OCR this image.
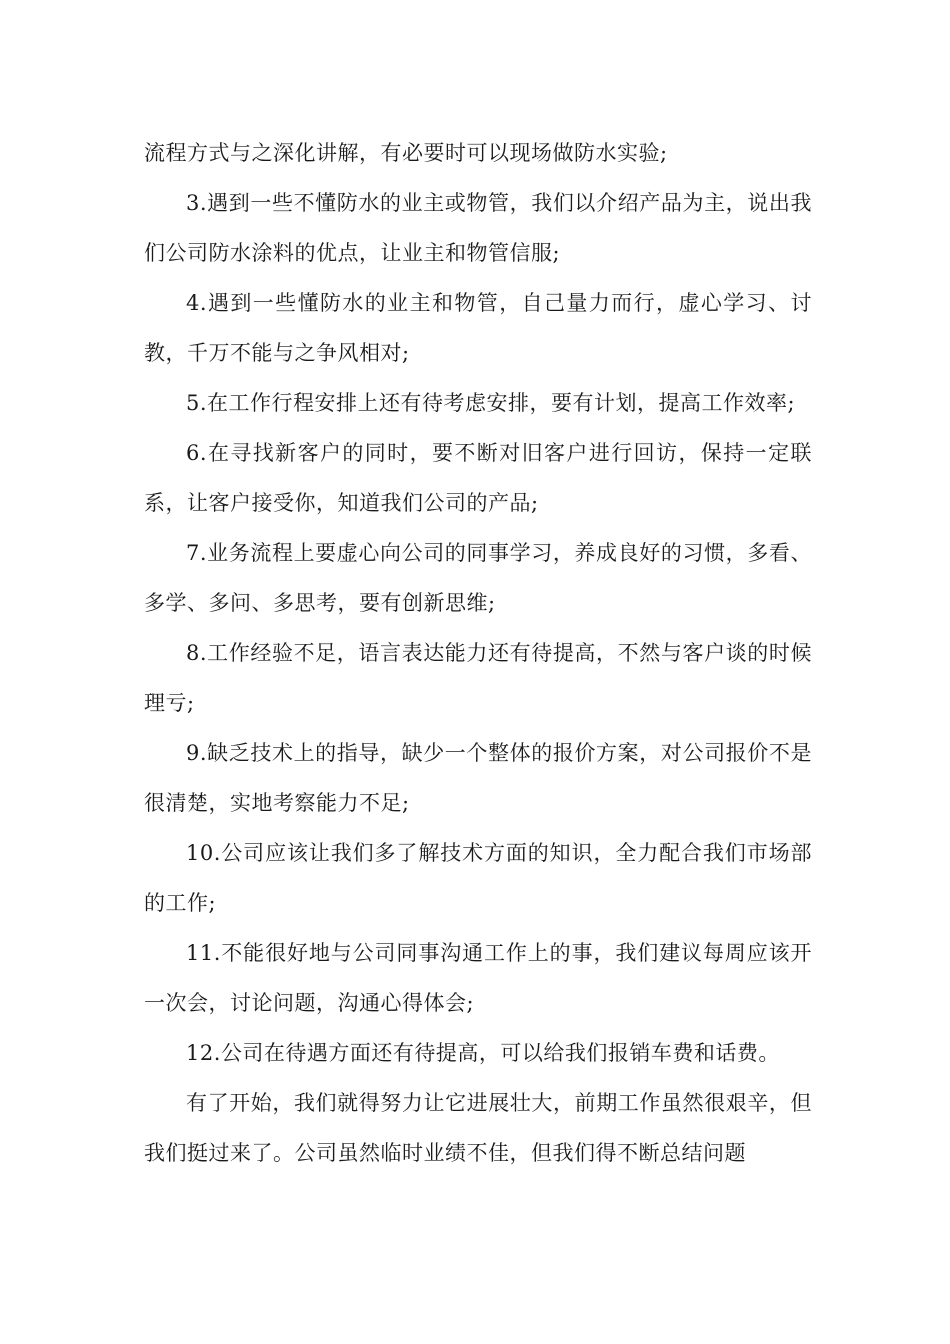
流程方式与之深化讲解，有必要时可以现场做防水实验;

3.遇到一些不懂防水的业主或物管，我们以介绍产品为主，说出我们公司防水涂料的优点，让业主和物管信服;

4.遇到一些懂防水的业主和物管，自己量力而行，虚心学习、讨教，千万不能与之争风相对;

5.在工作行程安排上还有待考虑安排，要有计划，提高工作效率;

6.在寻找新客户的同时，要不断对旧客户进行回访，保持一定联系，让客户接受你，知道我们公司的产品;

7.业务流程上要虚心向公司的同事学习，养成良好的习惯，多看、多学、多问、多思考，要有创新思维;

8.工作经验不足，语言表达能力还有待提高，不然与客户谈的时候理亏;

9.缺乏技术上的指导，缺少一个整体的报价方案，对公司报价不是很清楚，实地考察能力不足;

10.公司应该让我们多了解技术方面的知识，全力配合我们市场部的工作;

11.不能很好地与公司同事沟通工作上的事，我们建议每周应该开一次会，讨论问题，沟通心得体会;

12.公司在待遇方面还有待提高，可以给我们报销车费和话费。

有了开始，我们就得努力让它进展壮大，前期工作虽然很艰辛，但我们挺过来了。公司虽然临时业绩不佳，但我们得不断总结问题
